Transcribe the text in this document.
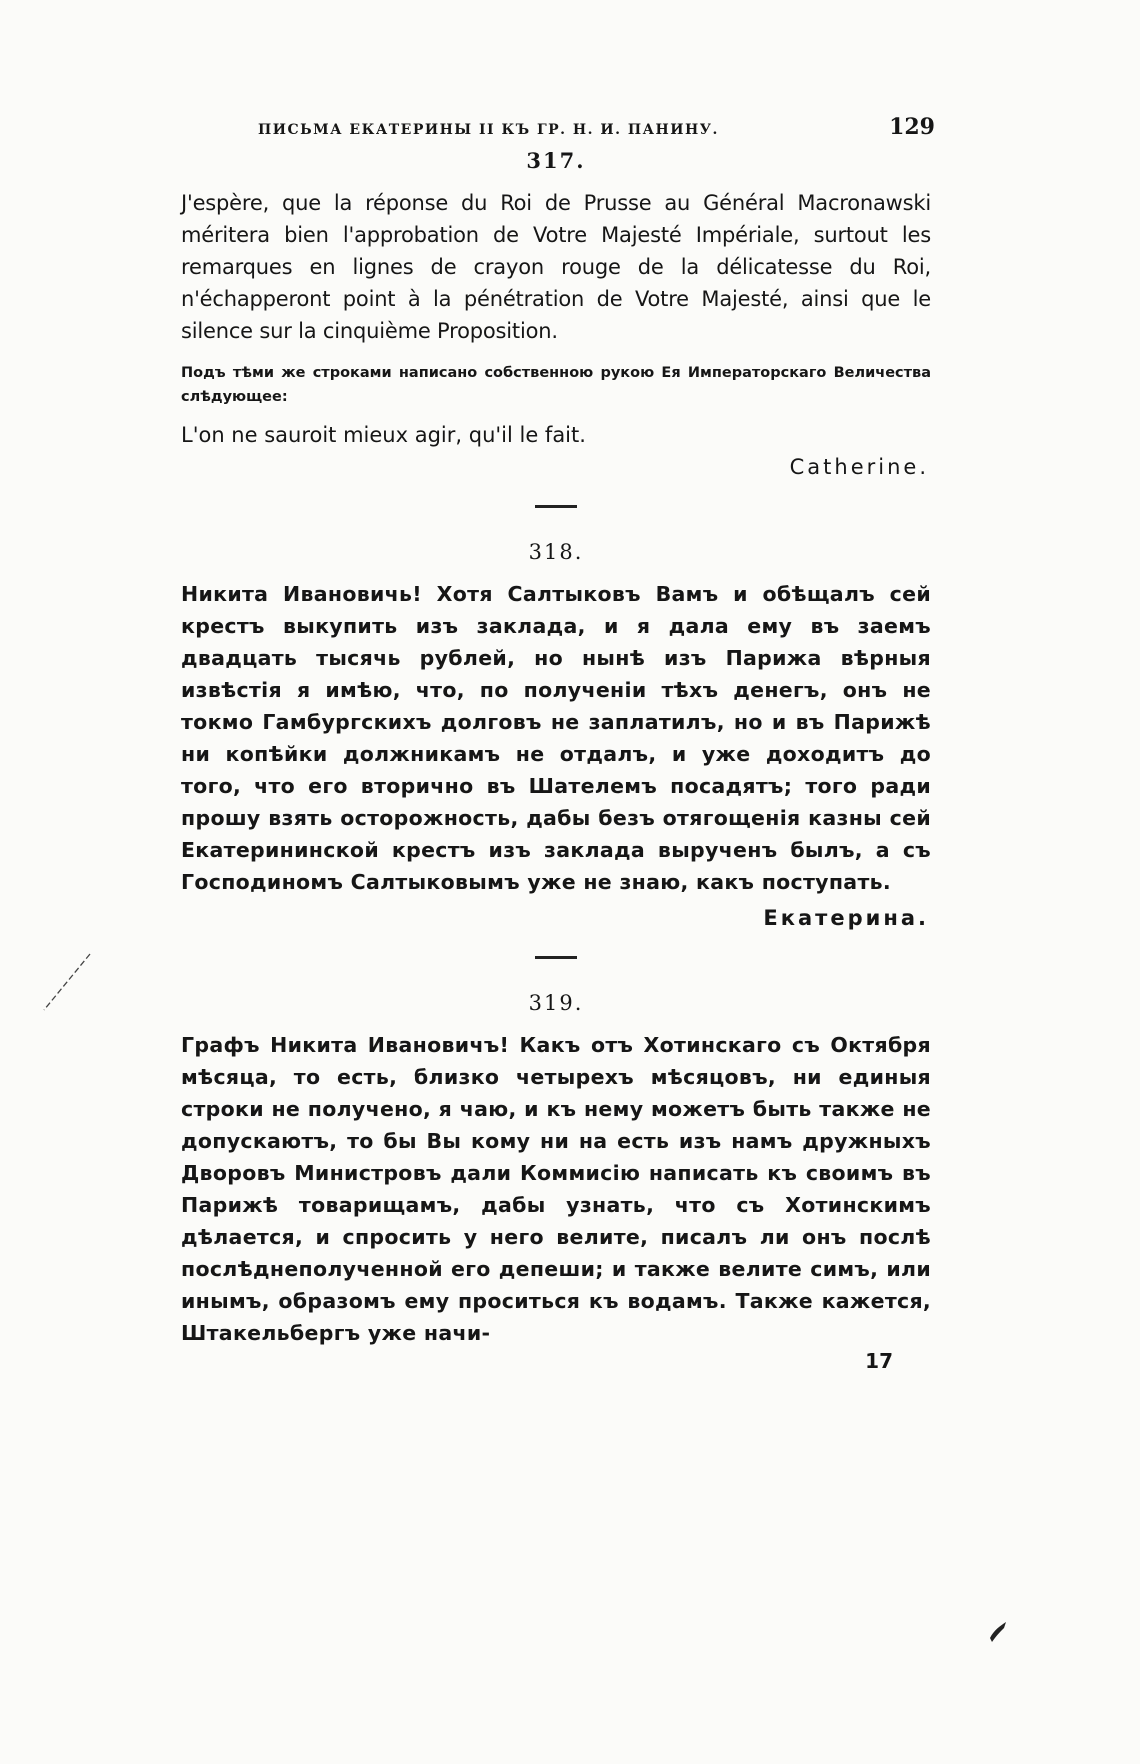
ПИСЬМА ЕКАТЕРИНЫ II КЪ ГР. Н. И. ПАНИНУ.	129
317.

J'espère, que la réponse du Roi de Prusse au Général Macronawski méritera bien l'approbation de Votre Majesté Impériale, surtout les remarques en lignes de crayon rouge de la délicatesse du Roi, n'échapperont point à la pénétration de Votre Majesté, ainsi que le silence sur la cinquième Proposition.

Подъ тѣми же строками написано собственною рукою Ея Императорскаго Величества слѣдующее:
L'on ne sauroit mieux agir, qu'il le fait.
Catherine.
318.

Никита Ивановичь! Хотя Салтыковъ Вамъ и обѣщалъ сей крестъ выкупить изъ заклада, и я дала ему въ заемъ двадцать тысячь рублей, но нынѣ изъ Парижа вѣрныя извѣстія я имѣю, что, по полученіи тѣхъ денегъ, онъ не токмо Гамбургскихъ долговъ не заплатилъ, но и въ Парижѣ ни копѣйки должникамъ не отдалъ, и уже доходитъ до того, что его вторично въ Шателемъ посадятъ; того ради прошу взять осторожность, дабы безъ отягощенія казны сей Екатерининской крестъ изъ заклада вырученъ былъ, а съ Господиномъ Салтыковымъ уже не знаю, какъ поступать.

Екатерина.
319.

Графъ Никита Ивановичъ! Какъ отъ Хотинскаго съ Октября мѣсяца, то есть, близко четырехъ мѣсяцовъ, ни единыя строки не получено, я чаю, и къ нему можетъ быть также не допускаютъ, то бы Вы кому ни на есть изъ намъ дружныхъ Дворовъ Министровъ дали Коммисію написать къ своимъ въ Парижѣ товарищамъ, дабы узнать, что съ Хотинскимъ дѣлается, и спросить у него велите, писалъ ли онъ послѣ послѣднеполученной его депеши; и также велите симъ, или инымъ, образомъ ему проситься къ водамъ. Также кажется, Штакельбергъ уже начи-

17
